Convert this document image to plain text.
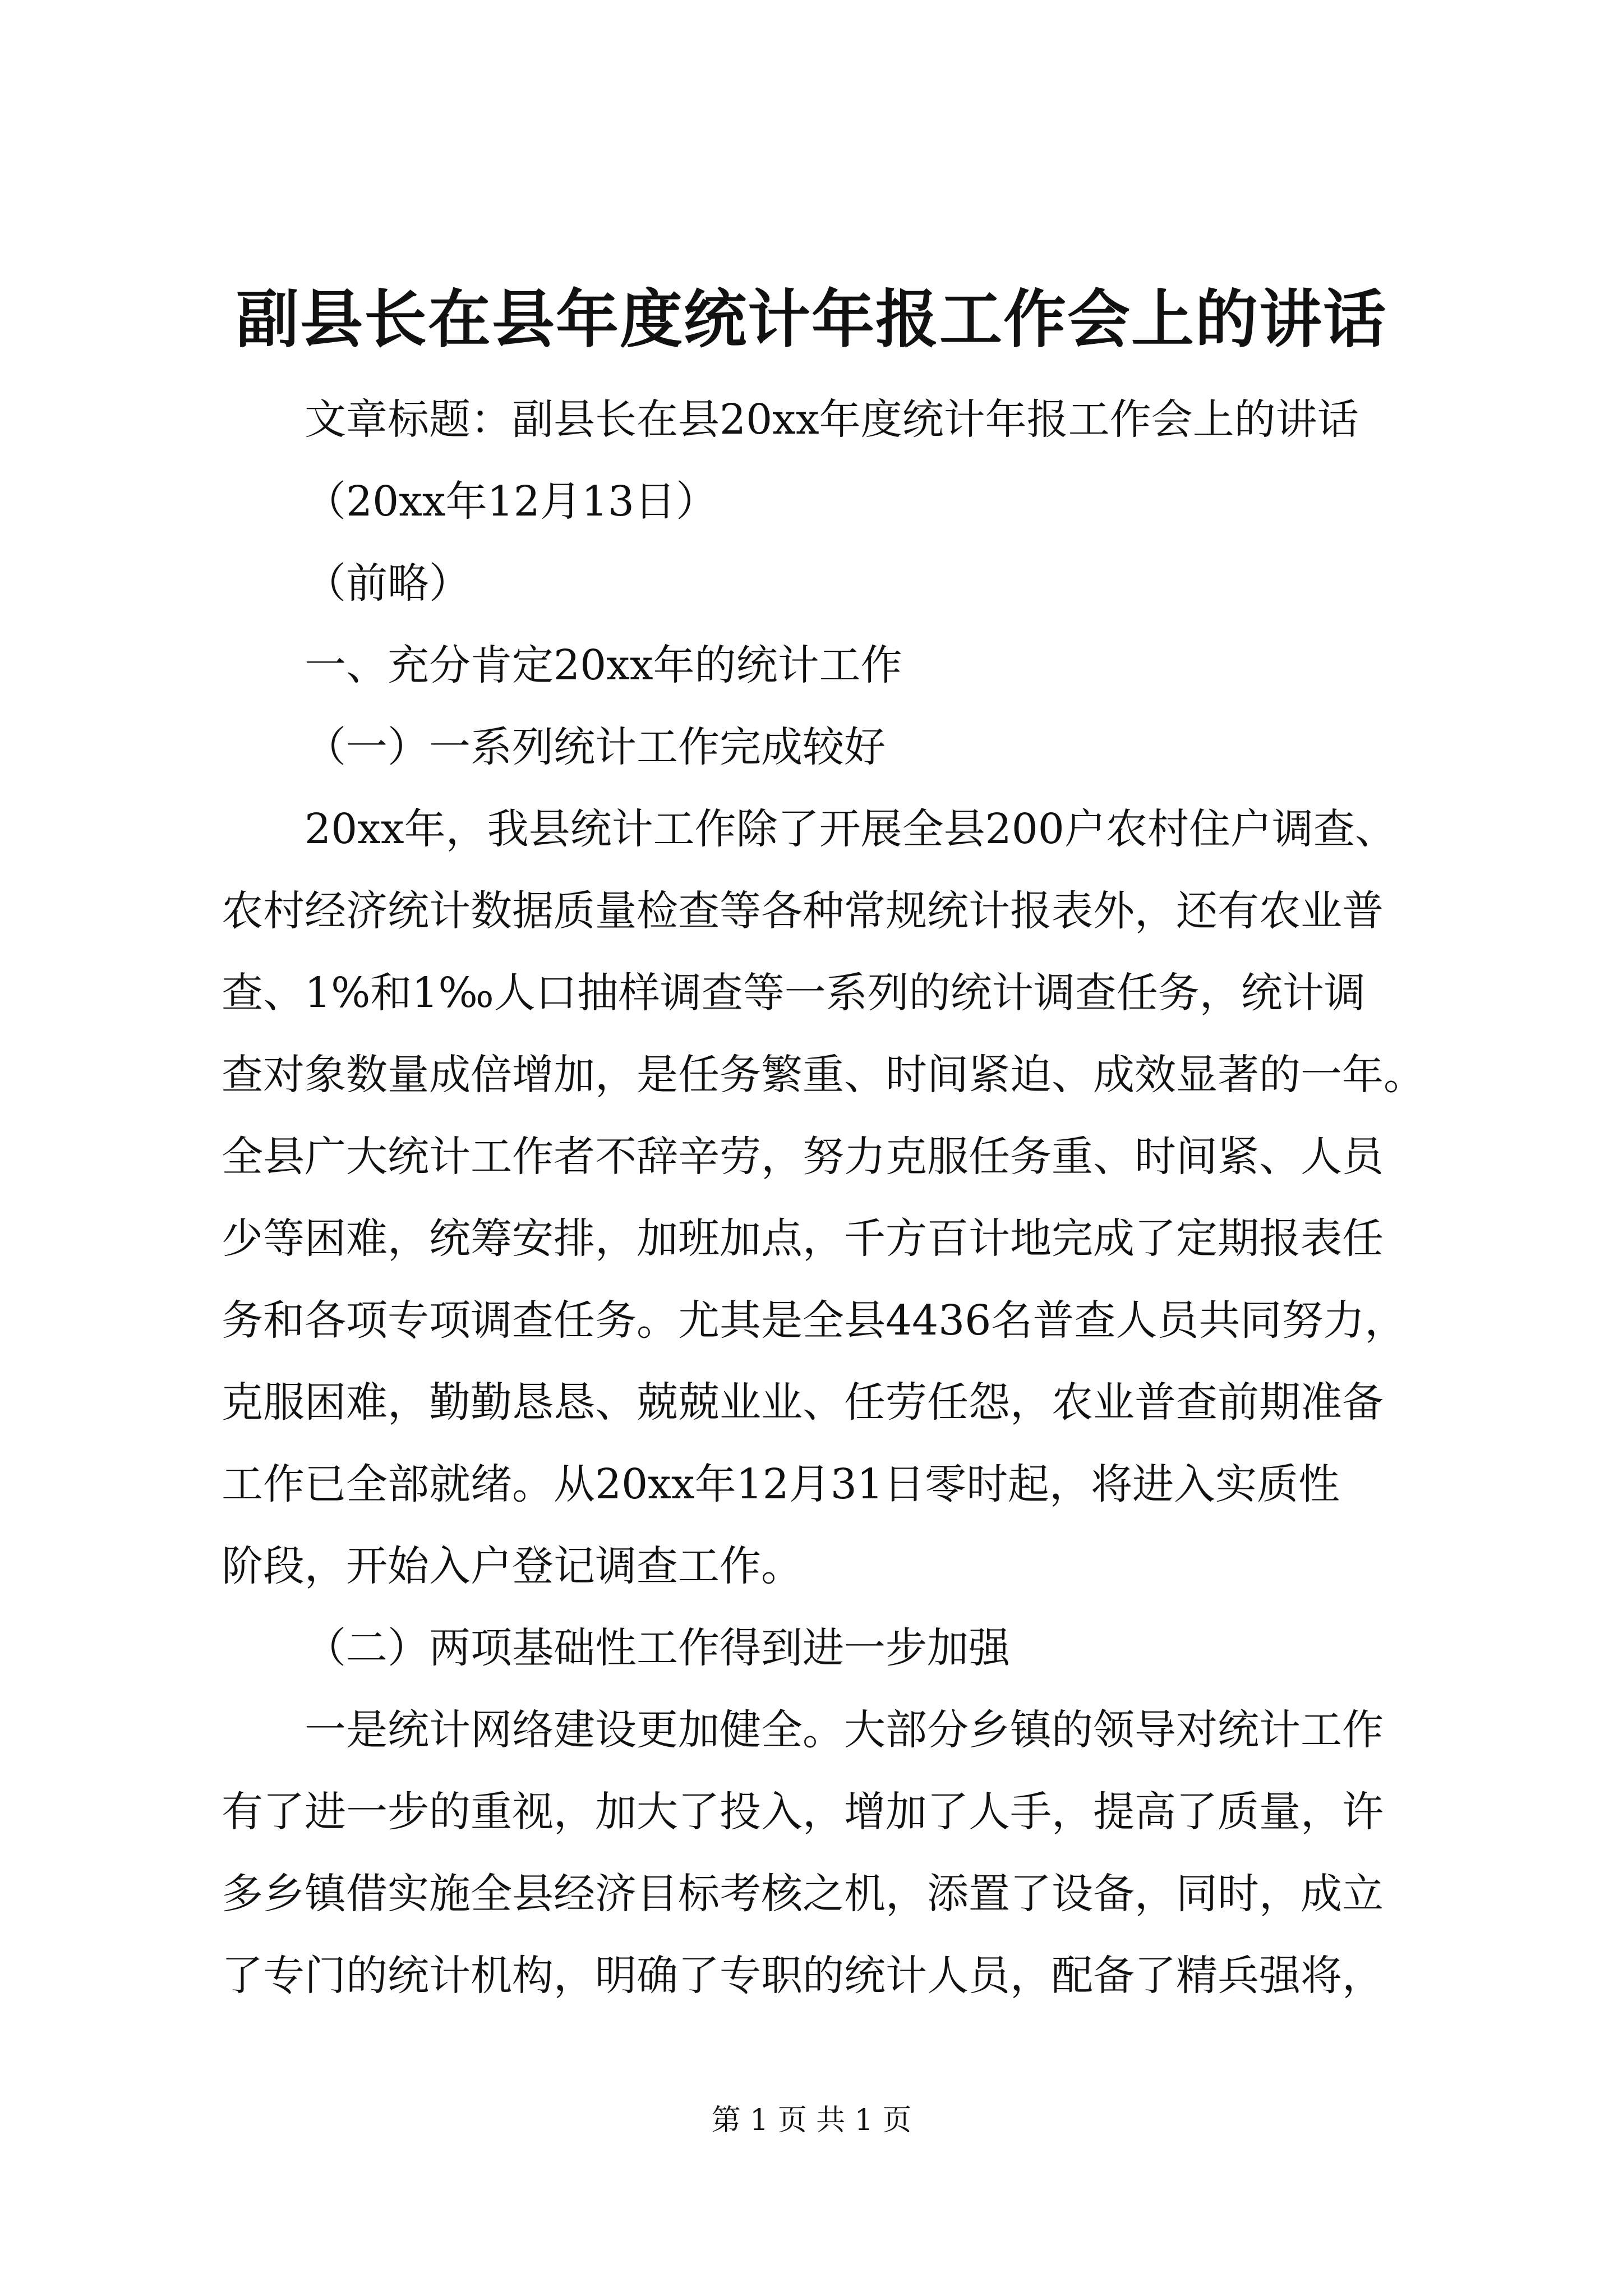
副县长在县年度统计年报工作会上的讲话
文章标题：副县长在县20xx年度统计年报工作会上的讲话
（20xx年12月13日）
（前略）
一、充分肯定20xx年的统计工作
（一）一系列统计工作完成较好
20xx年，我县统计工作除了开展全县200户农村住户调查、
农村经济统计数据质量检查等各种常规统计报表外，还有农业普
查、1%和1‰人口抽样调查等一系列的统计调查任务，统计调
查对象数量成倍增加，是任务繁重、时间紧迫、成效显著的一年。
全县广大统计工作者不辞辛劳，努力克服任务重、时间紧、人员
少等困难，统筹安排，加班加点，千方百计地完成了定期报表任
务和各项专项调查任务。尤其是全县4436名普查人员共同努力，
克服困难，勤勤恳恳、兢兢业业、任劳任怨，农业普查前期准备
工作已全部就绪。从20xx年12月31日零时起，将进入实质性
阶段，开始入户登记调查工作。
（二）两项基础性工作得到进一步加强
一是统计网络建设更加健全。大部分乡镇的领导对统计工作
有了进一步的重视，加大了投入，增加了人手，提高了质量，许
多乡镇借实施全县经济目标考核之机，添置了设备，同时，成立
了专门的统计机构，明确了专职的统计人员，配备了精兵强将，
第 1 页 共 1 页
